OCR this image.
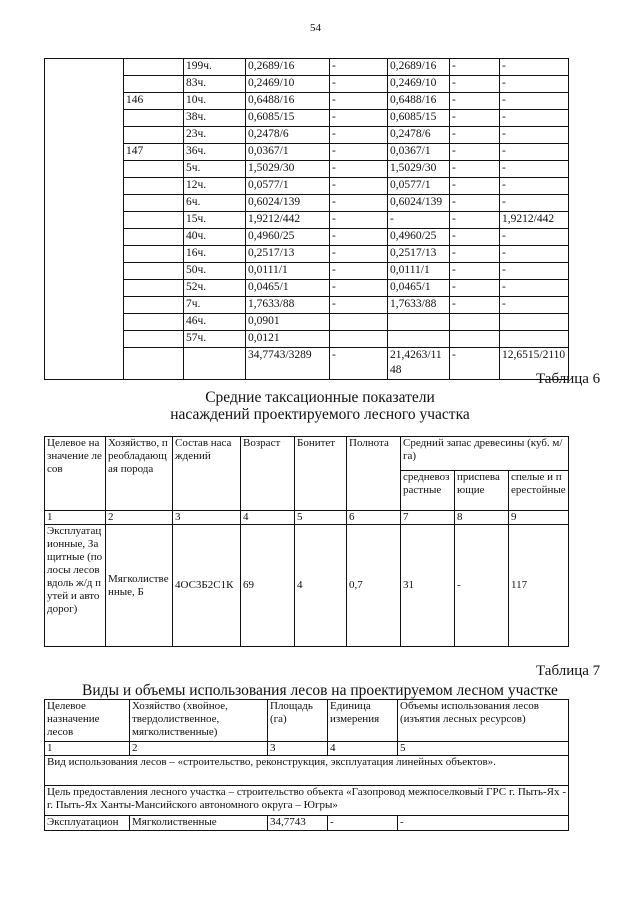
54
		199ч.	0,2689/16	-	0,2689/16	-	-
		83ч.	0,2469/10	-	0,2469/10	-	-
	146	10ч.	0,6488/16	-	0,6488/16	-	-
		38ч.	0,6085/15	-	0,6085/15	-	-
		23ч.	0,2478/6	-	0,2478/6	-	-
	147	36ч.	0,0367/1	-	0,0367/1	-	-
		5ч.	1,5029/30	-	1,5029/30	-	-
		12ч.	0,0577/1	-	0,0577/1	-	-
		6ч.	0,6024/139	-	0,6024/139	-	-
		15ч.	1,9212/442	-	-	-	1,9212/442
		40ч.	0,4960/25	-	0,4960/25	-	-
		16ч.	0,2517/13	-	0,2517/13	-	-
		50ч.	0,0111/1	-	0,0111/1	-	-
		52ч.	0,0465/1	-	0,0465/1	-	-
		7ч.	1,7633/88	-	1,7633/88	-	-
		46ч.	0,0901				
		57ч.	0,0121				
			34,7743/3289	-	21,4263/1148	-	12,6515/2110
Таблица 6
Средние таксационные показатели
насаждений проектируемого лесного участка
Целевое назначение лесов	Хозяйство, преобладающая порода	Состав насаждений	Возраст	Бонитет	Полнота	Средний запас древесины (куб. м/га)		
						средневозрастные	приспевающие	спелые и перестойные
1	2	3	4	5	6	7	8	9
Эксплуатационные, Защитные (полосы лесов вдоль ж/д путей и автодорог)	Мягколиственные, Б	4ОС3Б2С1К	69	4	0,7	31	-	117
Таблица 7
Виды и объемы использования лесов на проектируемом лесном участке
Целевое назначение лесов	Хозяйство (хвойное, твердолиственное, мягколиственные)	Площадь (га)	Единица измерения	Объемы использования лесов (изъятия лесных ресурсов)
1	2	3	4	5
Вид использования лесов – «строительство, реконструкция, эксплуатация линейных объектов».				
Цель предоставления лесного участка – строительство объекта «Газопровод межпоселковый ГРС г. Пыть-Ях - г. Пыть-Ях Ханты-Мансийского автономного округа – Югры»				
Эксплуатацион	Мягколиственные	34,7743	-	-
